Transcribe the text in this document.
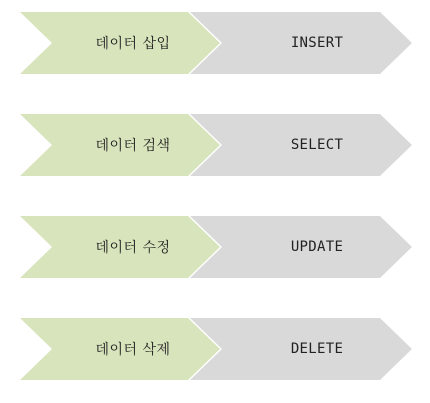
데이터 삽입	INSERT
데이터 검색	SELECT
데이터 수정	UPDATE
데이터 삭제	DELETE
